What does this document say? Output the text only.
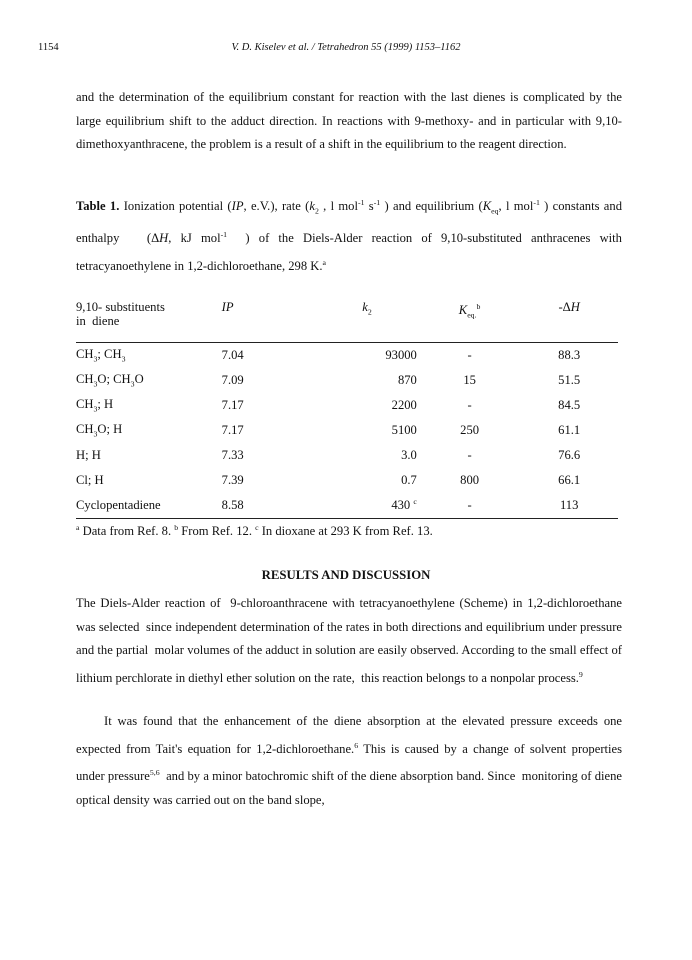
1154	V. D. Kiselev et al. / Tetrahedron 55 (1999) 1153–1162
and the determination of the equilibrium constant for reaction with the last dienes is complicated by the large equilibrium shift to the adduct direction. In reactions with 9-methoxy- and in particular with 9,10-dimethoxyanthracene, the problem is a result of a shift in the equilibrium to the reagent direction.
Table 1. Ionization potential (IP, e.V.), rate ($k_2$ , l mol$^{-1}$ $s^{-1}$ ) and equilibrium ($K_{eq}$, l mol$^{-1}$ ) constants and enthalpy   (ΔH, kJ mol$^{-1}$  ) of the Diels-Alder reaction of 9,10-substituted anthracenes with tetracyanoethylene in 1,2-dichloroethane, 298 K.$^a$
9,10- substituents
in  diene	IP	$k_2$	$K_{eq.}^b$	-ΔH
$CH_3$; $CH_3$	7.04	93000	-	88.3
$CH_3O$; $CH_3O$	7.09	870	15	51.5
$CH_3$; H	7.17	2200	-	84.5
$CH_3O$; H	7.17	5100	250	61.1
H; H	7.33	3.0	-	76.6
Cl; H	7.39	0.7	800	66.1
Cyclopentadiene	8.58	430 $^c$	-	113
$^a$ Data from Ref. 8. $^b$ From Ref. 12. $^c$ In dioxane at 293 K from Ref. 13.
RESULTS AND DISCUSSION
The Diels-Alder reaction of  9-chloroanthracene with tetracyanoethylene (Scheme) in 1,2-dichloroethane was selected  since independent determination of the rates in both directions and equilibrium under pressure and the partial  molar volumes of the adduct in solution are easily observed. According to the small effect of lithium perchlorate in diethyl ether solution on the rate,  this reaction belongs to a nonpolar process.$^9$
It was found that the enhancement of the diene absorption at the elevated pressure exceeds one expected from Tait's equation for 1,2-dichloroethane.$^6$ This is caused by a change of solvent properties under pressure$^{5,6}$  and by a minor batochromic shift of the diene absorption band. Since  monitoring of diene optical density was carried out on the band slope,
